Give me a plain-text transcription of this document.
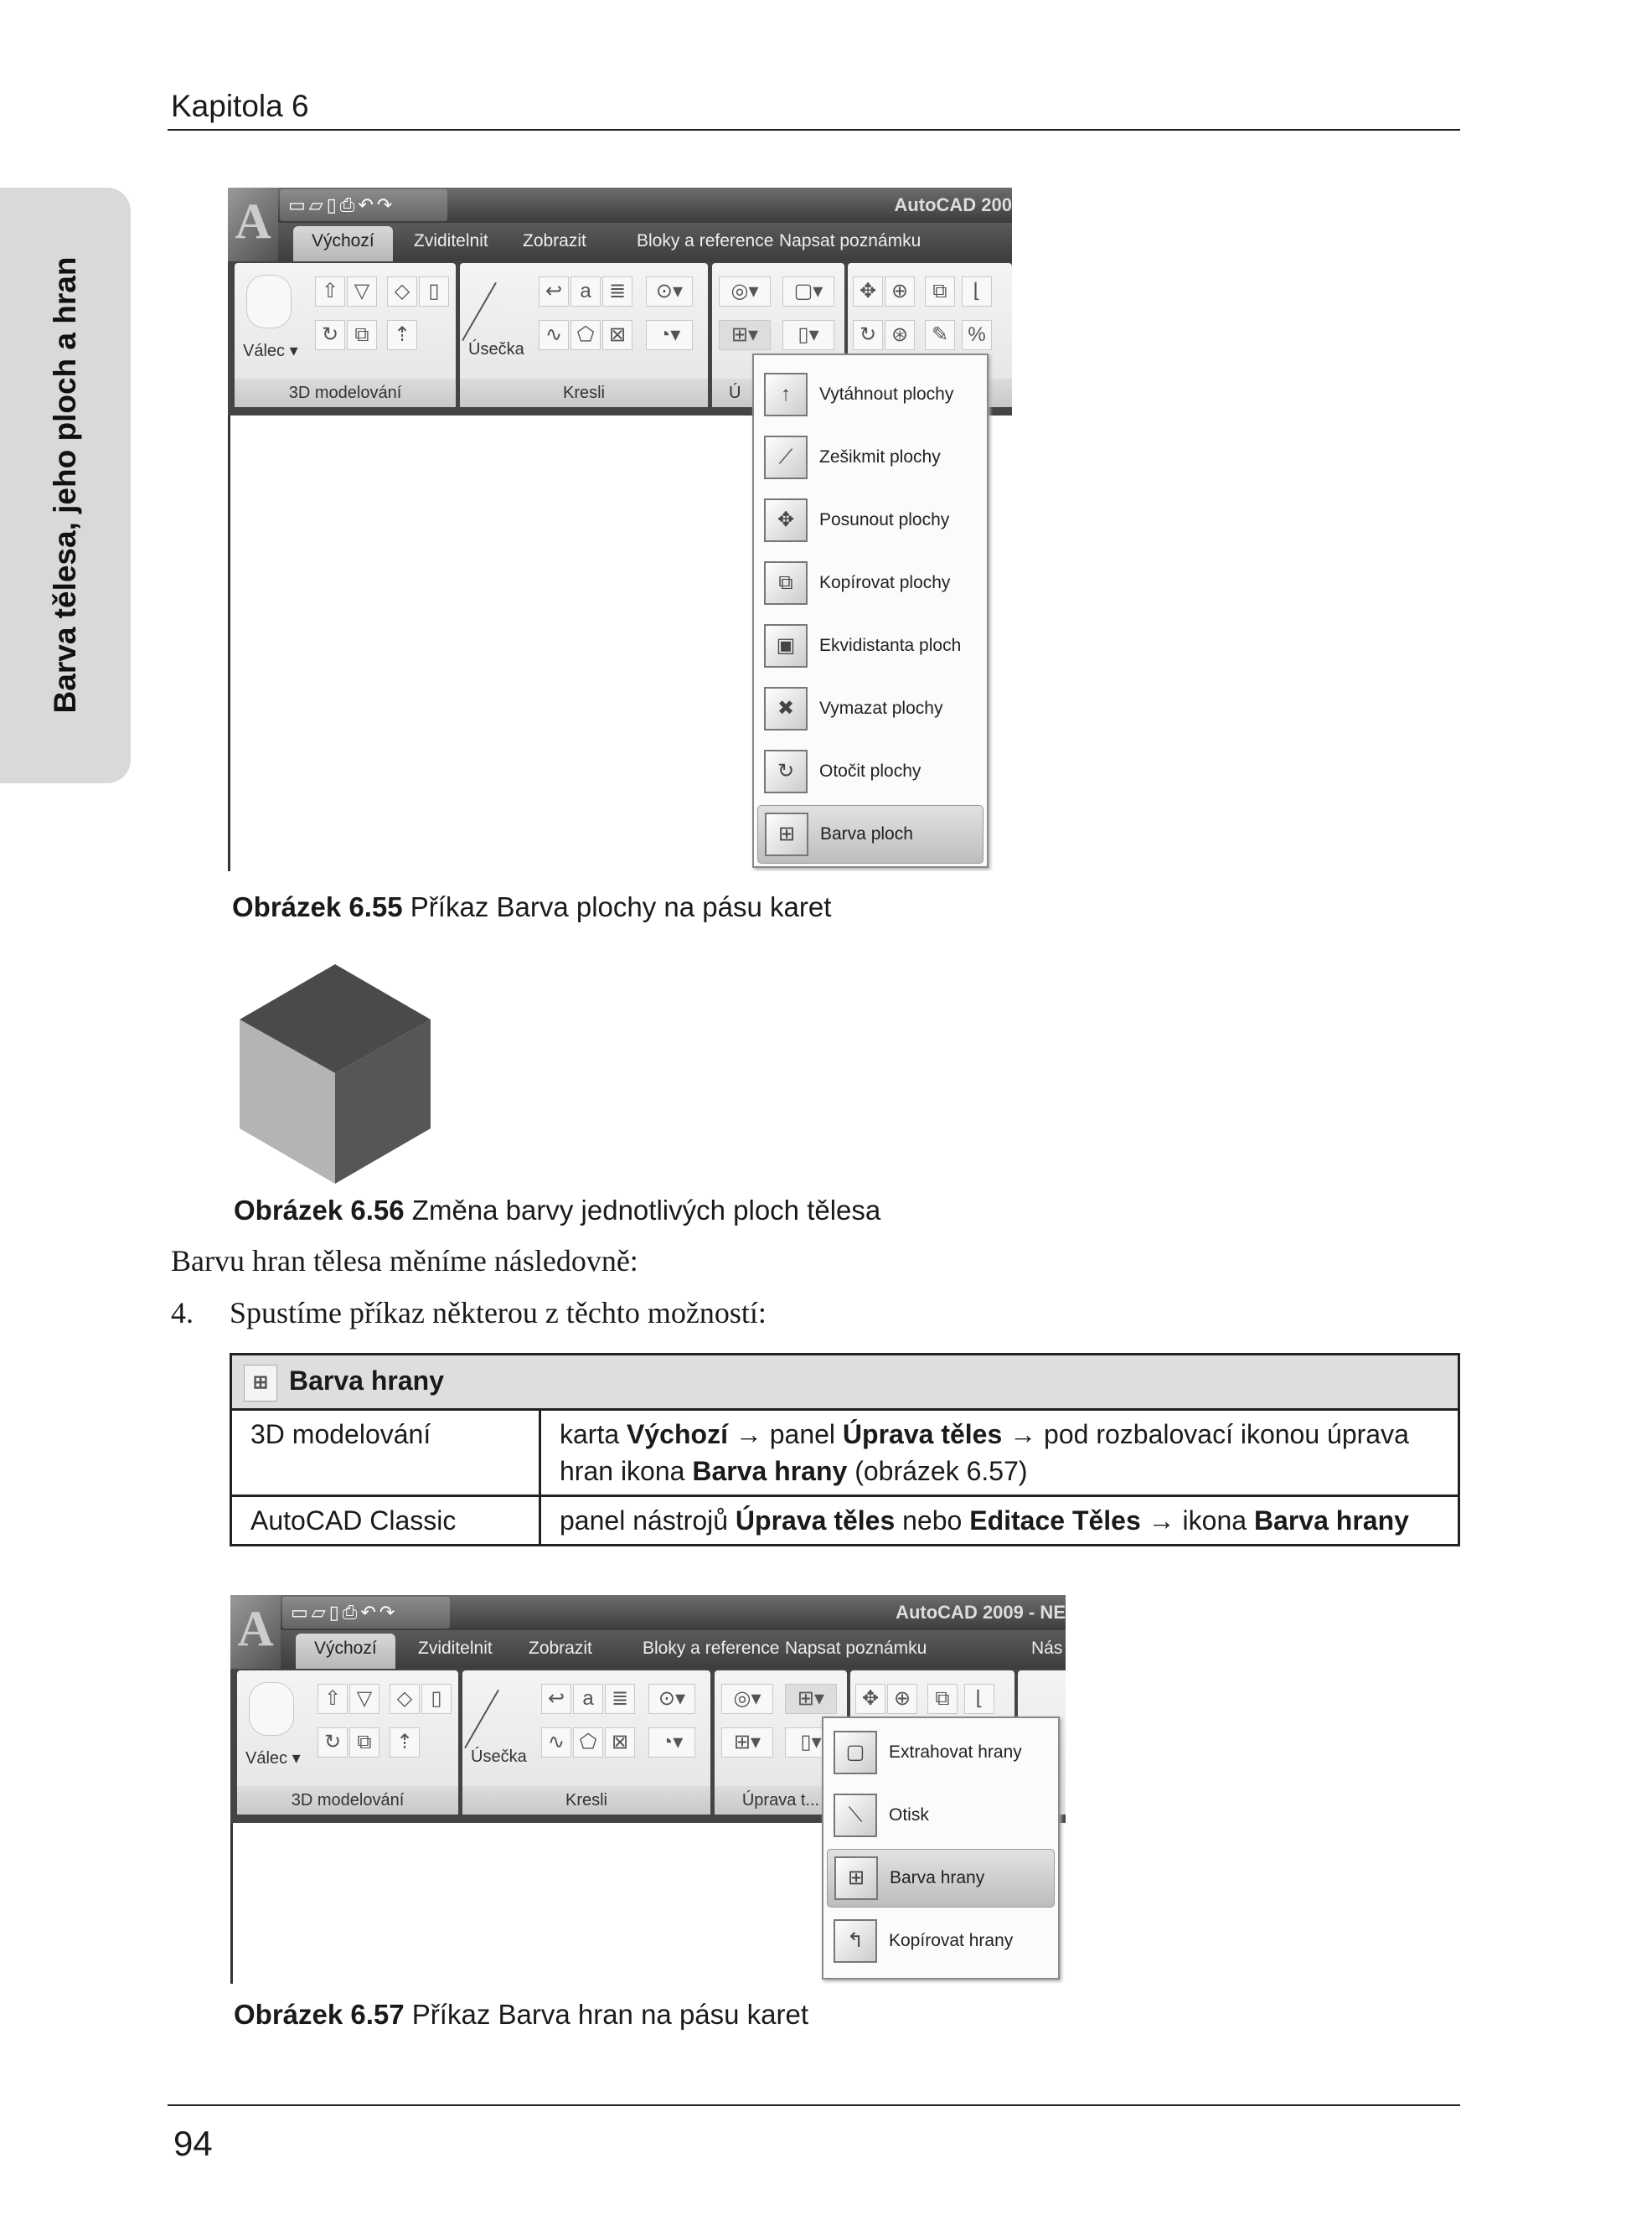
Kapitola 6
Barva tělesa, jeho ploch a hran
▭▱▯⎙↶↷	AutoCAD 200
Výchozí	Zviditelnit Zobrazit	Bloky a reference Napsat poznámku
A
Válec ▾
⇧ ▽	◇ ▯
↻ ⧉	⇡
3D modelování
Úsečka
↩ a ≣	⊙▾
∿ ⬠ ⊠	◔▾
Kresli
◎▾	▢▾
⊞▾	▯▾
Ú
✥ ⊕	⧉	⌊
↻ ⊛	✎ %
↑	Vytáhnout plochy
⟋	Zešikmit plochy
✥	Posunout plochy
⧉	Kopírovat plochy
▣	Ekvidistanta ploch
✖	Vymazat plochy
↻	Otočit plochy
⊞	Barva ploch
Obrázek 6.55 Příkaz Barva plochy na pásu karet
Obrázek 6.56 Změna barvy jednotlivých ploch tělesa
Barvu hran tělesa měníme následovně:
4. Spustíme příkaz některou z těchto možností:
⊞ Barva hrany	
3D modelování	karta Výchozí → panel Úprava těles → pod rozbalovací ikonou úprava hran ikona Barva hrany (obrázek 6.57)
AutoCAD Classic	panel nástrojů Úprava těles nebo Editace Těles → ikona Barva hrany
▭▱▯⎙↶↷	AutoCAD 2009 - NE
Výchozí	Zviditelnit Zobrazit	Bloky a reference Napsat poznámku	Nás
A
Válec ▾
⇧ ▽	◇ ▯
↻ ⧉	⇡
3D modelování
Úsečka
↩ a ≣	⊙▾
∿ ⬠ ⊠	◔▾
Kresli
◎▾	⊞▾
⊞▾	▯▾
Úprava t...
✥ ⊕	⧉	⌊
▢	Extrahovat hrany
⟍	Otisk
⊞	Barva hrany
↰	Kopírovat hrany
Obrázek 6.57 Příkaz Barva hran na pásu karet
94
